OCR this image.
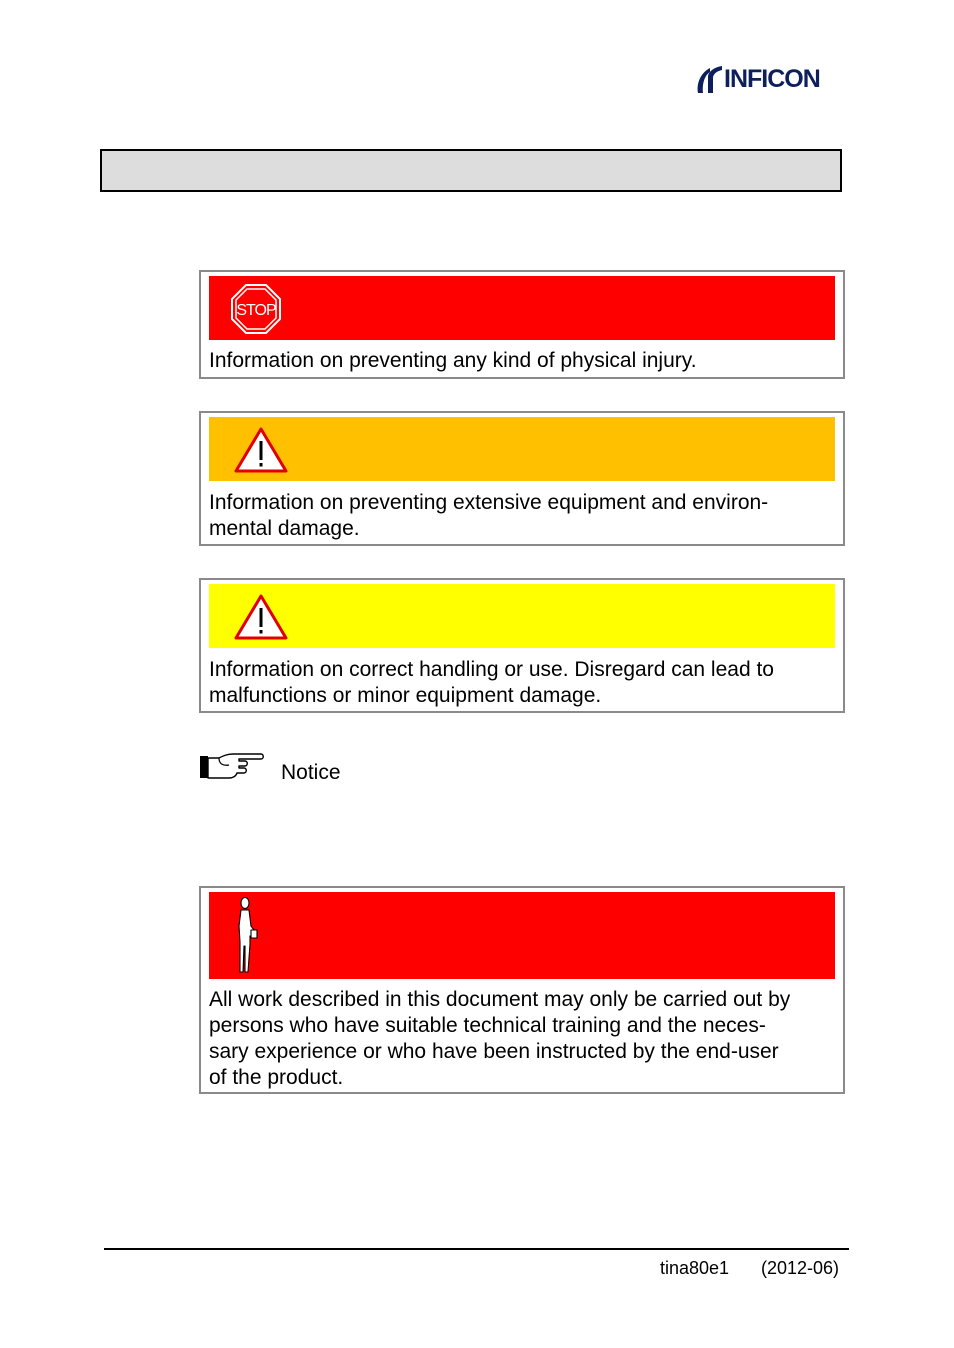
INFICON
STOP
Information on preventing any kind of physical injury.
Information on preventing extensive equipment and environ-
mental damage.
Information on correct handling or use. Disregard can lead to
malfunctions or minor equipment damage.
Notice
All work described in this document may only be carried out by
persons who have suitable technical training and the neces-
sary experience or who have been instructed by the end-user
of the product.
tina80e1 (2012-06)
